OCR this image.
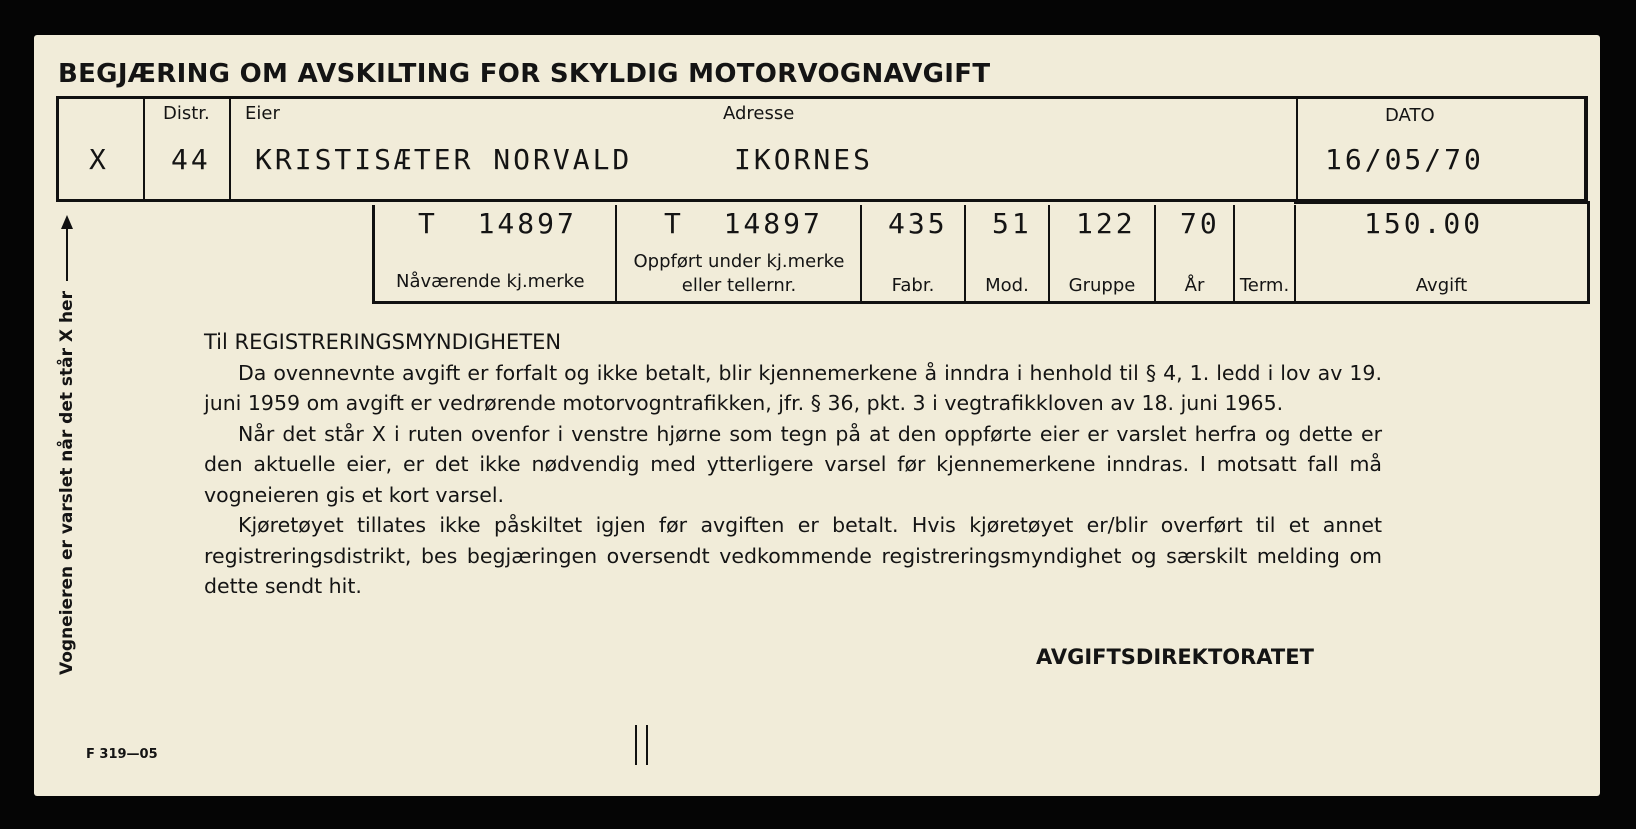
BEGJÆRING OM AVSKILTING FOR SKYLDIG MOTORVOGNAVGIFT
X
Distr.
44
Eier
KRISTISÆTER NORVALD
Adresse
IKORNES
DATO
16/05/70
T  14897
Nåværende kj.merke
T  14897
Oppført under kj.merke
eller tellernr.
435
Fabr.
51
Mod.
122
Gruppe
70
År	Term.
150.00
Avgift
Vogneieren er varslet når det står X her	Til REGISTRERINGSMYNDIGHETEN

Da ovennevnte avgift er forfalt og ikke betalt, blir kjennemerkene å inndra i henhold til § 4, 1. ledd i lov av 19. juni 1959 om avgift er vedrørende motorvogntrafikken, jfr. § 36, pkt. 3 i vegtrafikkloven av 18. juni 1965.

Når det står X i ruten ovenfor i venstre hjørne som tegn på at den oppførte eier er varslet herfra og dette er den aktuelle eier, er det ikke nødvendig med ytterligere varsel før kjennemerkene inndras. I motsatt fall må vogneieren gis et kort varsel.

Kjøretøyet tillates ikke påskiltet igjen før avgiften er betalt. Hvis kjøretøyet er/blir overført til et annet registreringsdistrikt, bes begjæringen oversendt vedkommende registreringsmyndighet og særskilt melding om dette sendt hit.

AVGIFTSDIREKTORATET
F 319—05
